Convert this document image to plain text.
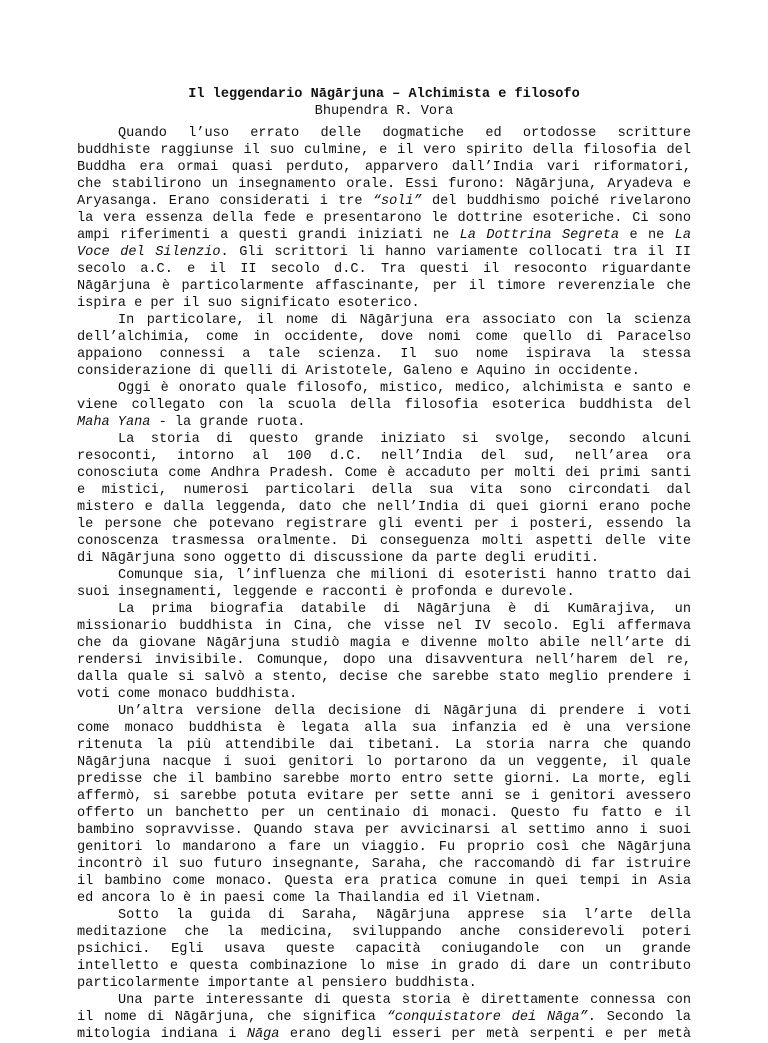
Il leggendario Nāgārjuna – Alchimista e filosofo
Bhupendra R. Vora
Quando l’uso errato delle dogmatiche ed ortodosse scritture
buddhiste raggiunse il suo culmine, e il vero spirito della filosofia del
Buddha era ormai quasi perduto, apparvero dall’India vari riformatori,
che stabilirono un insegnamento orale. Essi furono: Nāgārjuna, Aryadeva e
Aryasanga. Erano considerati i tre “soli” del buddhismo poiché rivelarono
la vera essenza della fede e presentarono le dottrine esoteriche. Ci sono
ampi riferimenti a questi grandi iniziati ne La Dottrina Segreta e ne La
Voce del Silenzio. Gli scrittori li hanno variamente collocati tra il II
secolo a.C. e il II secolo d.C. Tra questi il resoconto riguardante
Nāgārjuna è particolarmente affascinante, per il timore reverenziale che
ispira e per il suo significato esoterico.
In particolare, il nome di Nāgārjuna era associato con la scienza
dell’alchimia, come in occidente, dove nomi come quello di Paracelso
appaiono connessi a tale scienza. Il suo nome ispirava la stessa
considerazione di quelli di Aristotele, Galeno e Aquino in occidente.
Oggi è onorato quale filosofo, mistico, medico, alchimista e santo e
viene collegato con la scuola della filosofia esoterica buddhista del
Maha Yana - la grande ruota.
La storia di questo grande iniziato si svolge, secondo alcuni
resoconti, intorno al 100 d.C. nell’India del sud, nell’area ora
conosciuta come Andhra Pradesh. Come è accaduto per molti dei primi santi
e mistici, numerosi particolari della sua vita sono circondati dal
mistero e dalla leggenda, dato che nell’India di quei giorni erano poche
le persone che potevano registrare gli eventi per i posteri, essendo la
conoscenza trasmessa oralmente. Di conseguenza molti aspetti delle vite
di Nāgārjuna sono oggetto di discussione da parte degli eruditi.
Comunque sia, l’influenza che milioni di esoteristi hanno tratto dai
suoi insegnamenti, leggende e racconti è profonda e durevole.
La prima biografia databile di Nāgārjuna è di Kumārajiva, un
missionario buddhista in Cina, che visse nel IV secolo. Egli affermava
che da giovane Nāgārjuna studiò magia e divenne molto abile nell’arte di
rendersi invisibile. Comunque, dopo una disavventura nell’harem del re,
dalla quale si salvò a stento, decise che sarebbe stato meglio prendere i
voti come monaco buddhista.
Un’altra versione della decisione di Nāgārjuna di prendere i voti
come monaco buddhista è legata alla sua infanzia ed è una versione
ritenuta la più attendibile dai tibetani. La storia narra che quando
Nāgārjuna nacque i suoi genitori lo portarono da un veggente, il quale
predisse che il bambino sarebbe morto entro sette giorni. La morte, egli
affermò, si sarebbe potuta evitare per sette anni se i genitori avessero
offerto un banchetto per un centinaio di monaci. Questo fu fatto e il
bambino sopravvisse. Quando stava per avvicinarsi al settimo anno i suoi
genitori lo mandarono a fare un viaggio. Fu proprio così che Nāgārjuna
incontrò il suo futuro insegnante, Saraha, che raccomandò di far istruire
il bambino come monaco. Questa era pratica comune in quei tempi in Asia
ed ancora lo è in paesi come la Thailandia ed il Vietnam.
Sotto la guida di Saraha, Nāgārjuna apprese sia l’arte della
meditazione che la medicina, sviluppando anche considerevoli poteri
psichici. Egli usava queste capacità coniugandole con un grande
intelletto e questa combinazione lo mise in grado di dare un contributo
particolarmente importante al pensiero buddhista.
Una parte interessante di questa storia è direttamente connessa con
il nome di Nāgārjuna, che significa “conquistatore dei Nāga”. Secondo la
mitologia indiana i Nāga erano degli esseri per metà serpenti e per metà
